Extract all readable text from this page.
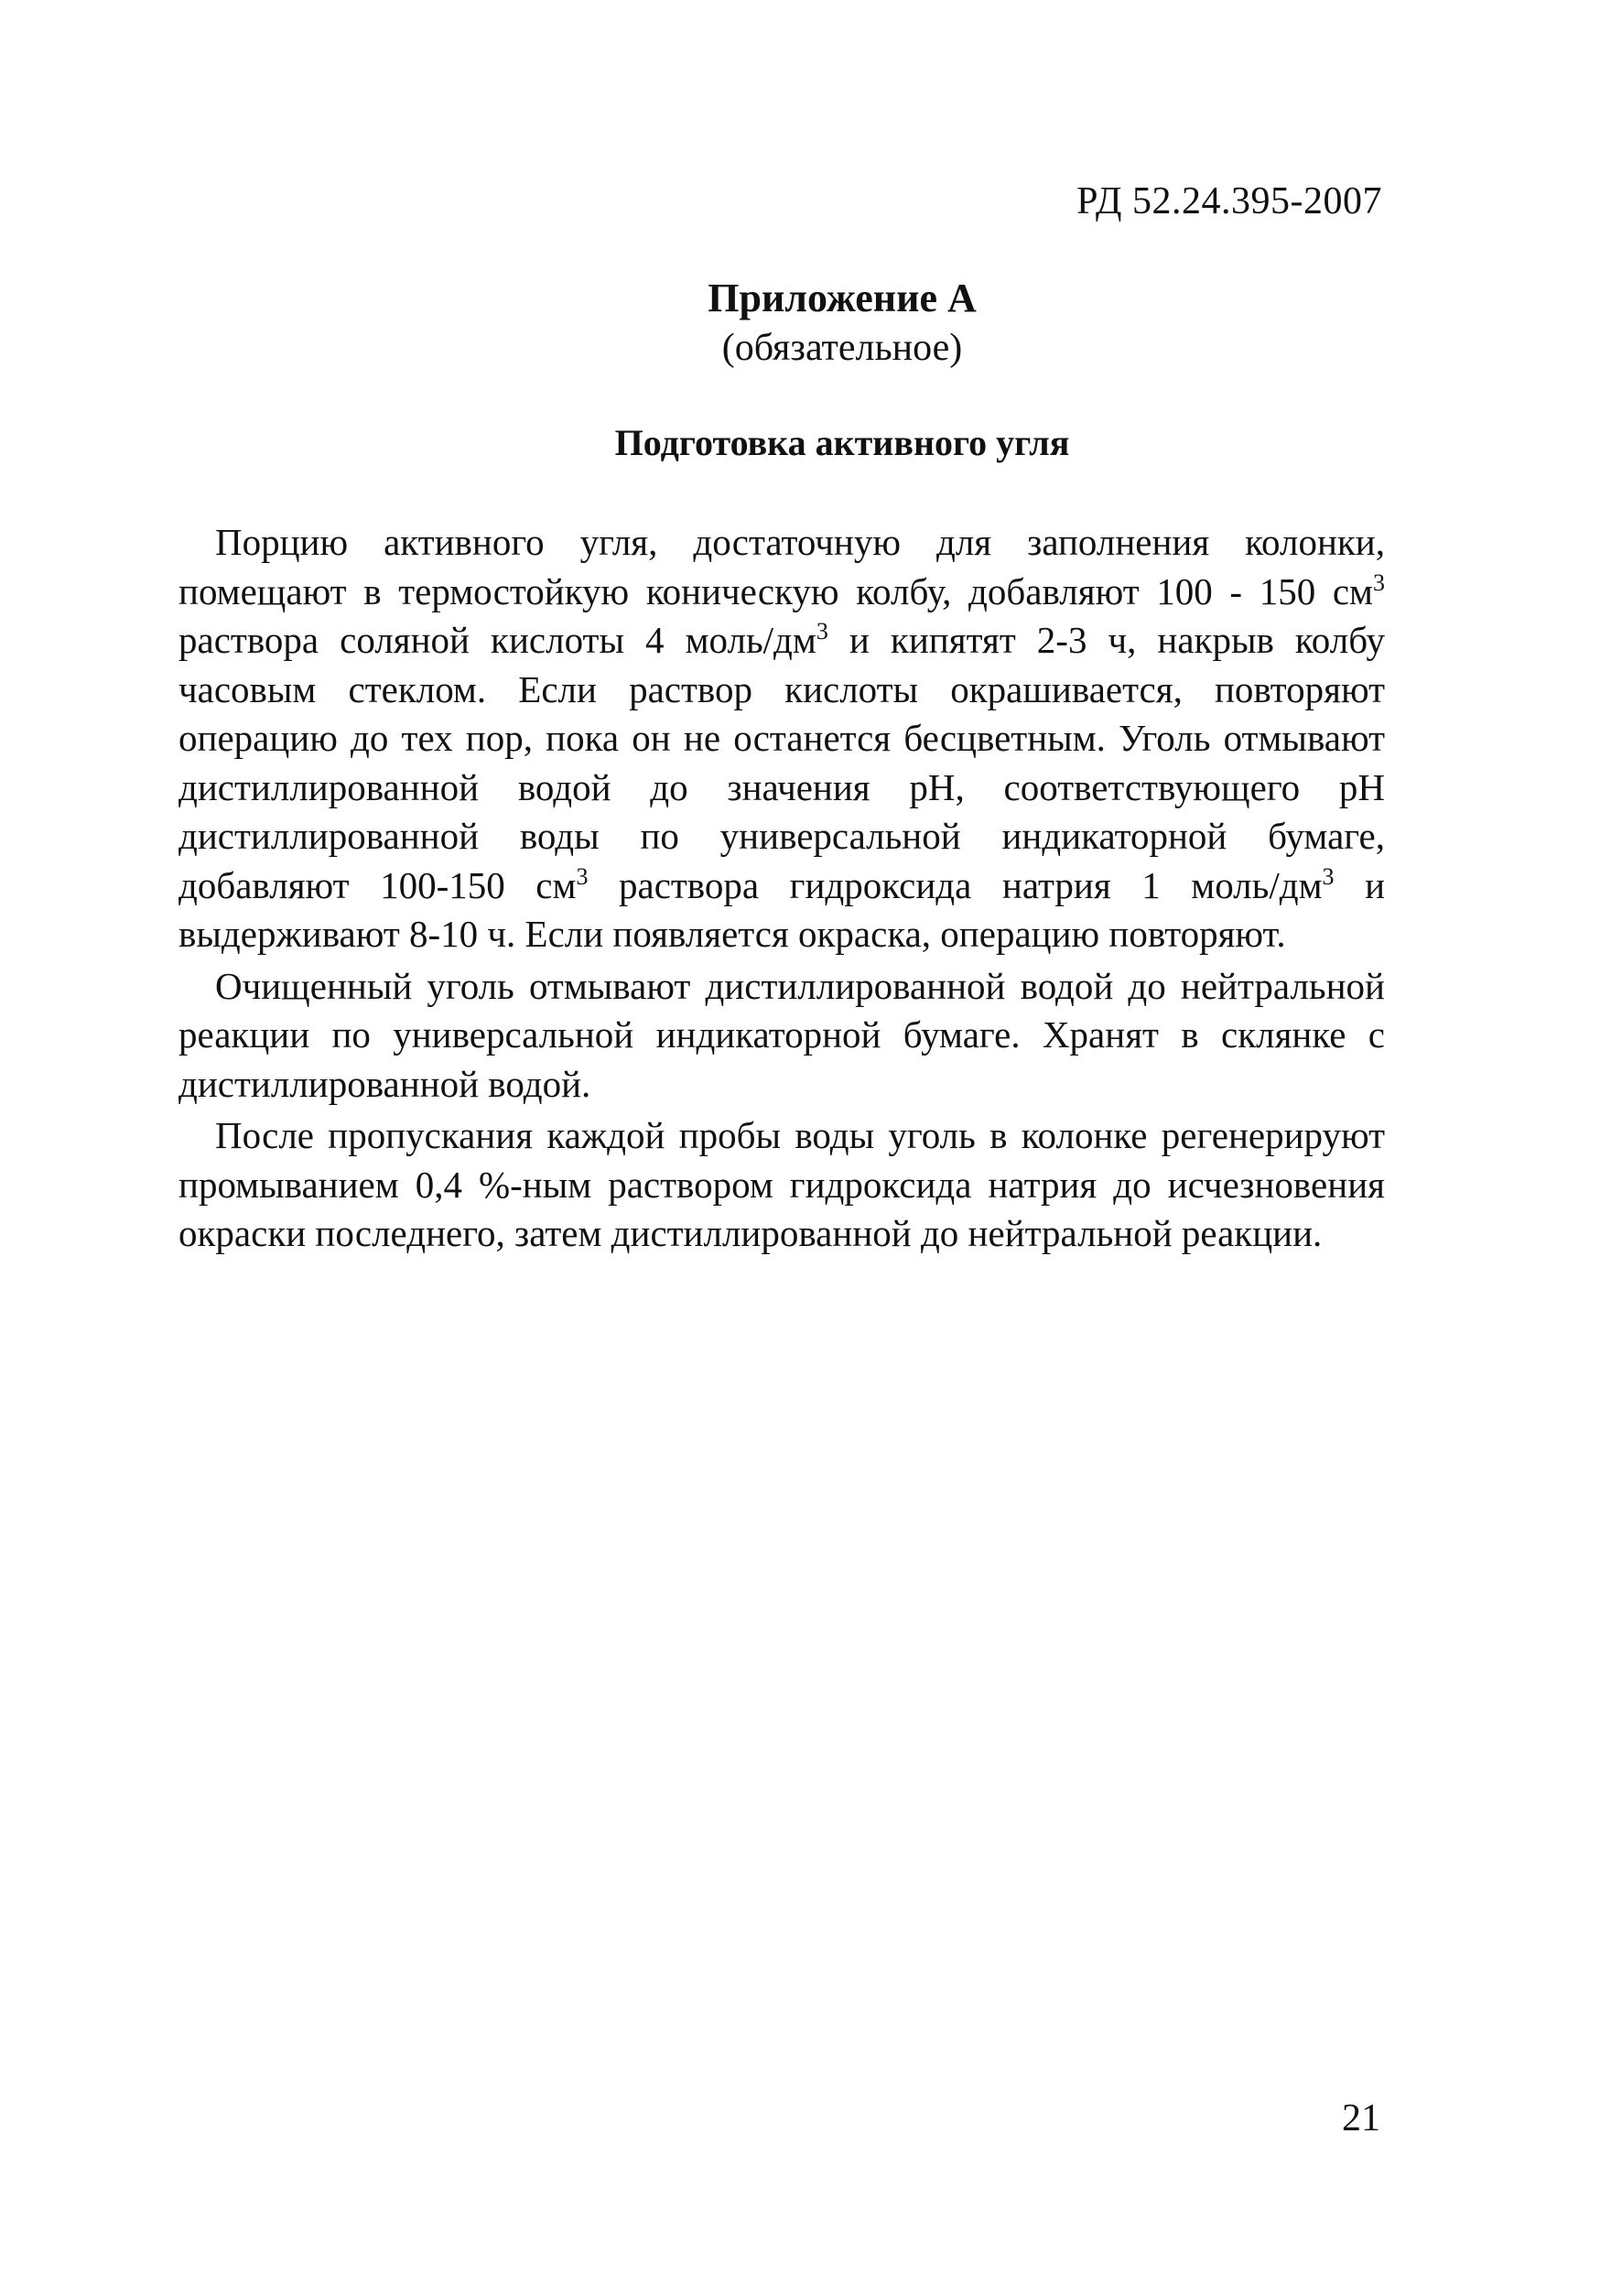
РД 52.24.395-2007
Приложение А
(обязательное)
Подготовка активного угля

Порцию активного угля, достаточную для заполнения колонки, помещают в термостойкую коническую колбу, добавляют 100 - 150 $см^3$ раствора соляной кислоты 4 моль/$дм^3$ и кипятят 2-3 ч, накрыв колбу часовым стеклом. Если раствор кислоты окрашивается, повторяют операцию до тех пор, пока он не останется бесцветным. Уголь отмывают дистиллированной водой до значения pH, соответствующего pH дистиллированной воды по универсальной индикаторной бумаге, добавляют 100-150 $см^3$ раствора гидроксида натрия 1 моль/$дм^3$ и выдерживают 8-10 ч. Если появляется окраска, операцию повторяют.

Очищенный уголь отмывают дистиллированной водой до нейтральной реакции по универсальной индикаторной бумаге. Хранят в склянке с дистиллированной водой.

После пропускания каждой пробы воды уголь в колонке регенерируют промыванием 0,4 %-ным раствором гидроксида натрия до исчезновения окраски последнего, затем дистиллированной до нейтральной реакции.

21
